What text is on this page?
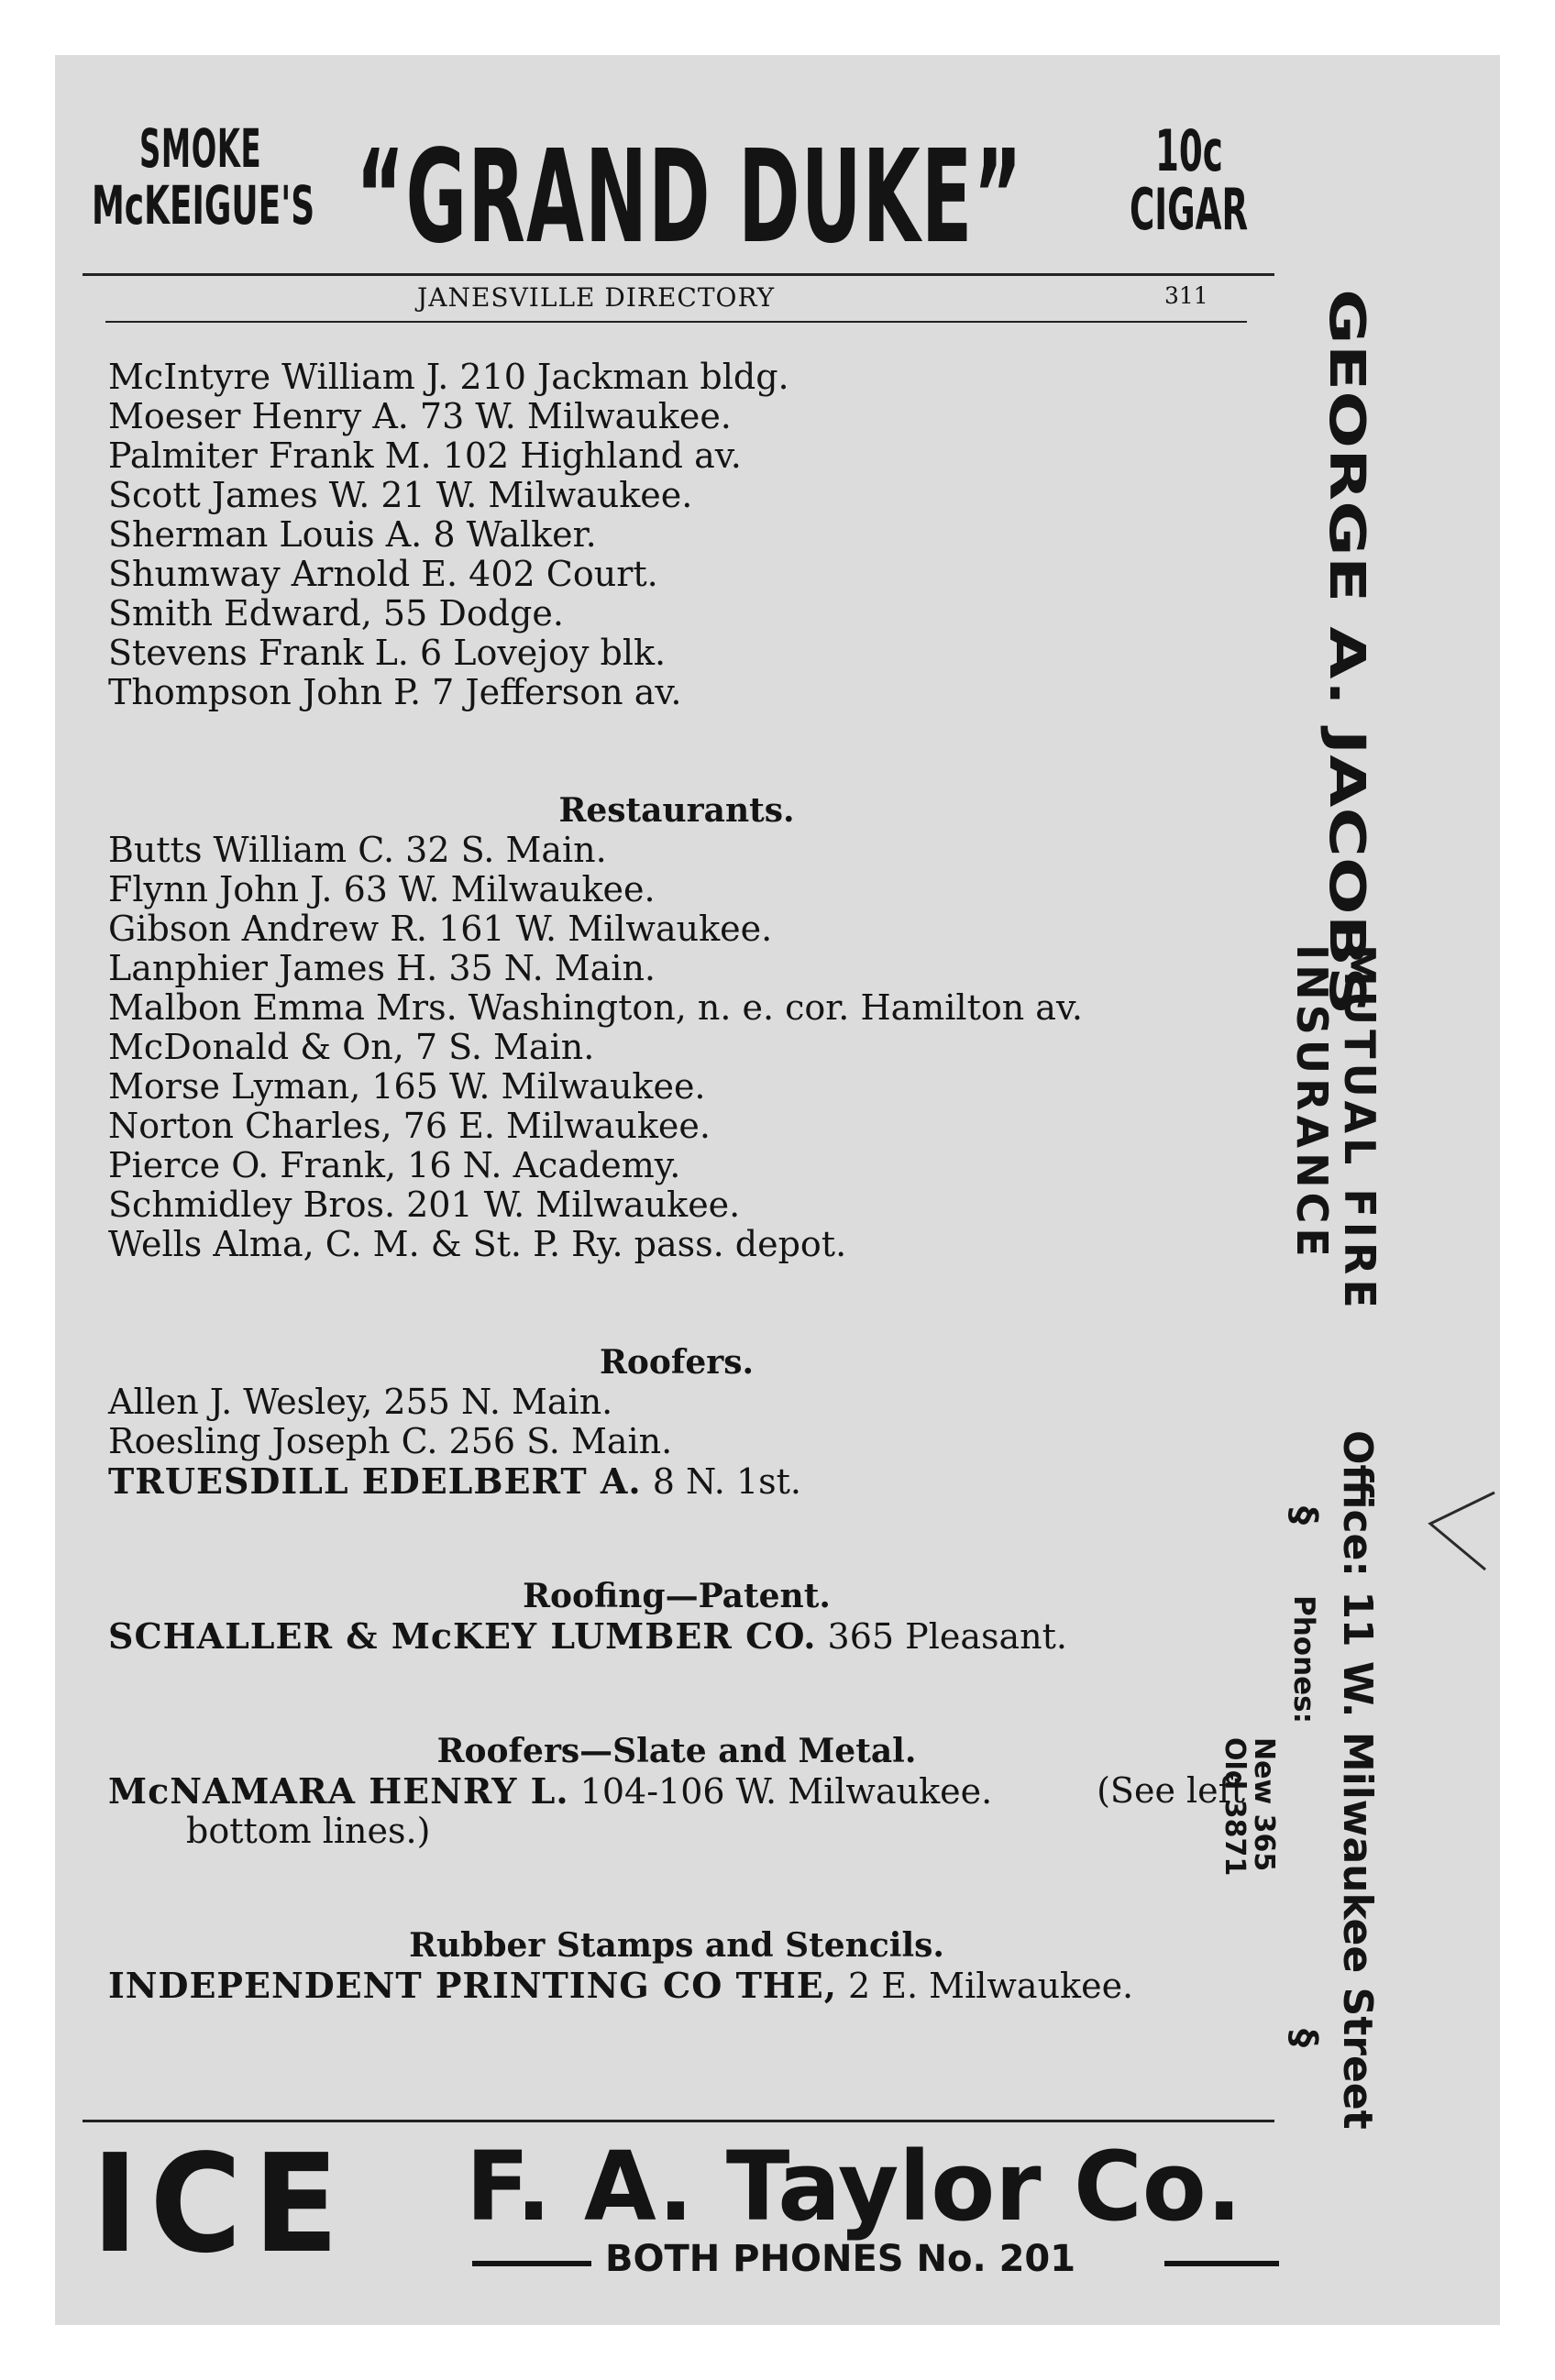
SMOKE
McKEIGUE'S “GRAND DUKE” 10c
CIGAR
JANESVILLE DIRECTORY	311
McIntyre William J. 210 Jackman bldg.
Moeser Henry A. 73 W. Milwaukee.
Palmiter Frank M. 102 Highland av.
Scott James W. 21 W. Milwaukee.
Sherman Louis A. 8 Walker.
Shumway Arnold E. 402 Court.
Smith Edward, 55 Dodge.
Stevens Frank L. 6 Lovejoy blk.
Thompson John P. 7 Jefferson av.
Restaurants.
Butts William C. 32 S. Main.
Flynn John J. 63 W. Milwaukee.
Gibson Andrew R. 161 W. Milwaukee.
Lanphier James H. 35 N. Main.
Malbon Emma Mrs. Washington, n. e. cor. Hamilton av.
McDonald & On, 7 S. Main.
Morse Lyman, 165 W. Milwaukee.
Norton Charles, 76 E. Milwaukee.
Pierce O. Frank, 16 N. Academy.
Schmidley Bros. 201 W. Milwaukee.
Wells Alma, C. M. & St. P. Ry. pass. depot.
Roofers.
Allen J. Wesley, 255 N. Main.
Roesling Joseph C. 256 S. Main.
TRUESDILL EDELBERT A. 8 N. 1st.
Roofing—Patent.
SCHALLER & McKEY LUMBER CO. 365 Pleasant.
Roofers—Slate and Metal.
McNAMARA HENRY L. 104-106 W. Milwaukee.	(See left
bottom lines.)
Rubber Stamps and Stencils.
INDEPENDENT PRINTING CO THE, 2 E. Milwaukee.
GEORGE A. JACOBS
MUTUAL FIRE
INSURANCE
Office: 11 W. Milwaukee Street
Phones:
New 365
Old 3871
§
§
ICE F. A. Taylor Co.
BOTH PHONES No. 201
